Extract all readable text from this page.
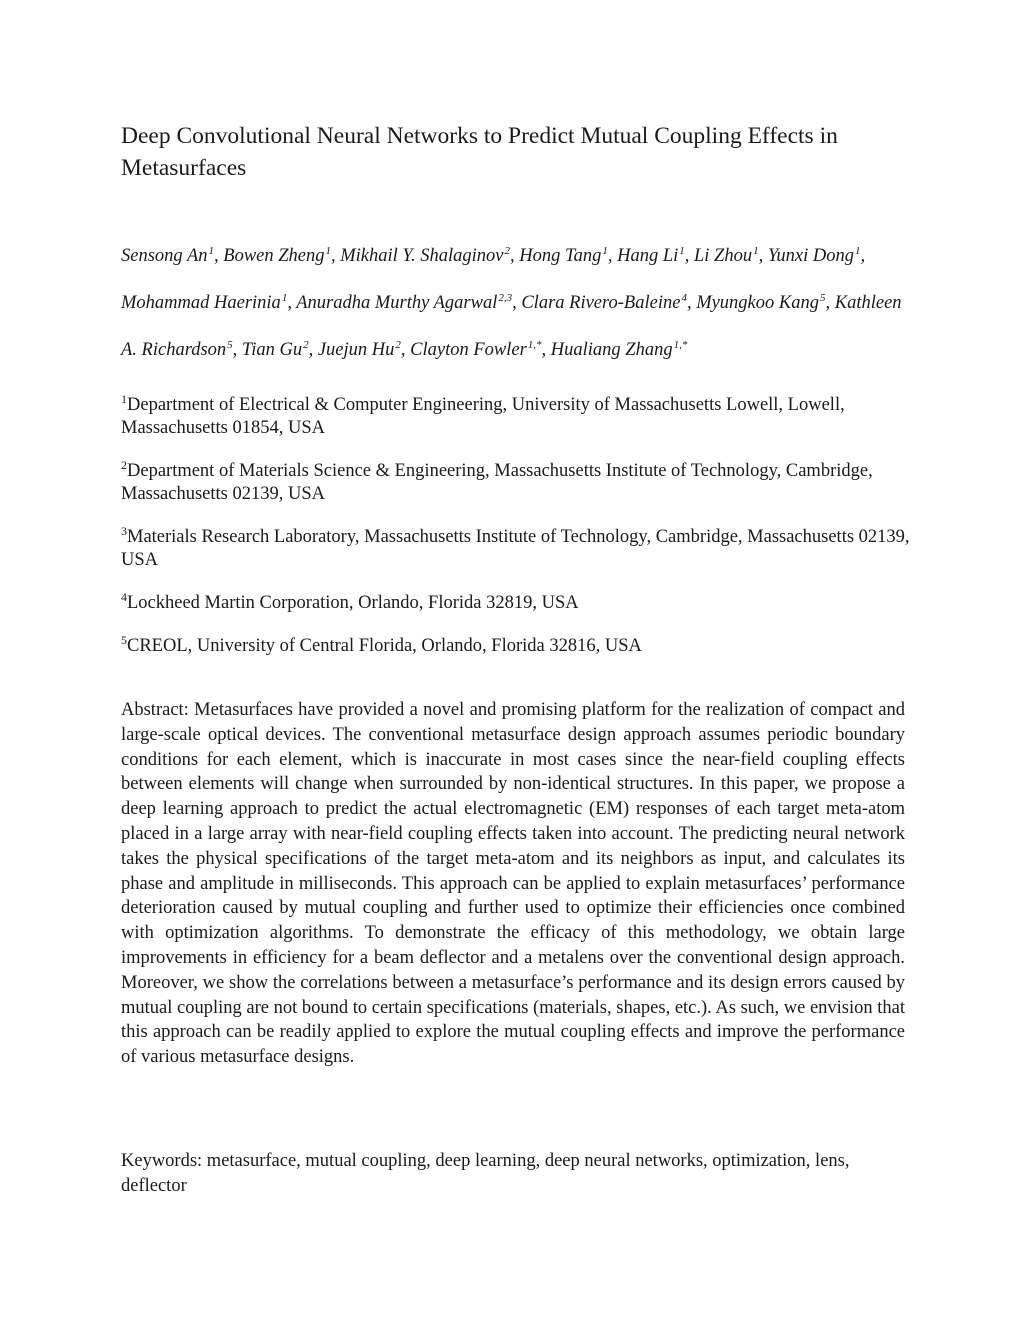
Deep Convolutional Neural Networks to Predict Mutual Coupling Effects in Metasurfaces
Sensong An$^1$, Bowen Zheng$^1$, Mikhail Y. Shalaginov$^2$, Hong Tang$^1$, Hang Li$^1$, Li Zhou$^1$, Yunxi Dong$^1$, Mohammad Haerinia$^1$, Anuradha Murthy Agarwal$^{2,3}$, Clara Rivero-Baleine$^4$, Myungkoo Kang$^5$, Kathleen A. Richardson$^5$, Tian Gu$^2$, Juejun Hu$^2$, Clayton Fowler$^{1,*}$, Hualiang Zhang$^{1,*}$

$^1$Department of Electrical & Computer Engineering, University of Massachusetts Lowell, Lowell, Massachusetts 01854, USA

$^2$Department of Materials Science & Engineering, Massachusetts Institute of Technology, Cambridge, Massachusetts 02139, USA

$^3$Materials Research Laboratory, Massachusetts Institute of Technology, Cambridge, Massachusetts 02139, USA

$^4$Lockheed Martin Corporation, Orlando, Florida 32819, USA

$^5$CREOL, University of Central Florida, Orlando, Florida 32816, USA

Abstract: Metasurfaces have provided a novel and promising platform for the realization of compact and large-scale optical devices. The conventional metasurface design approach assumes periodic boundary conditions for each element, which is inaccurate in most cases since the near-field coupling effects between elements will change when surrounded by non-identical structures. In this paper, we propose a deep learning approach to predict the actual electromagnetic (EM) responses of each target meta-atom placed in a large array with near-field coupling effects taken into account. The predicting neural network takes the physical specifications of the target meta-atom and its neighbors as input, and calculates its phase and amplitude in milliseconds. This approach can be applied to explain metasurfaces’ performance deterioration caused by mutual coupling and further used to optimize their efficiencies once combined with optimization algorithms. To demonstrate the efficacy of this methodology, we obtain large improvements in efficiency for a beam deflector and a metalens over the conventional design approach. Moreover, we show the correlations between a metasurface’s performance and its design errors caused by mutual coupling are not bound to certain specifications (materials, shapes, etc.). As such, we envision that this approach can be readily applied to explore the mutual coupling effects and improve the performance of various metasurface designs.

Keywords: metasurface, mutual coupling, deep learning, deep neural networks, optimization, lens, deflector
